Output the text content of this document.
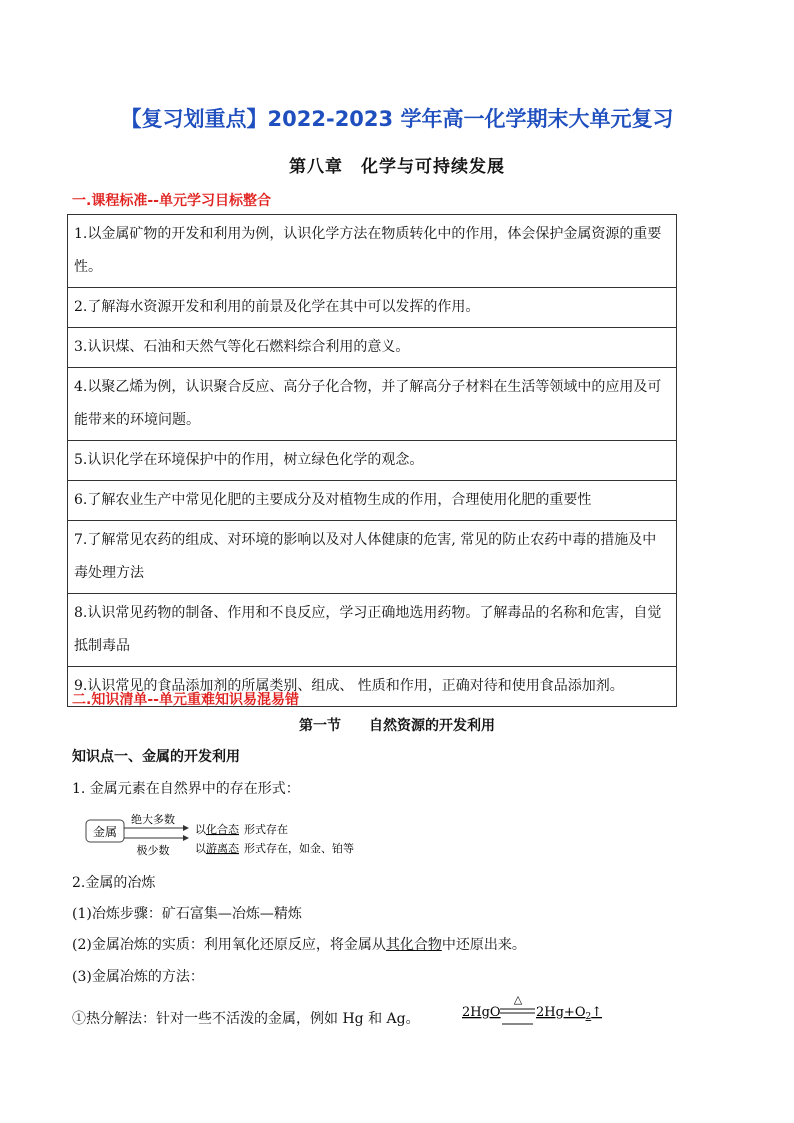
【复习划重点】2022-2023 学年高一化学期末大单元复习
第八章　化学与可持续发展
一.课程标准--单元学习目标整合
1.以金属矿物的开发和利用为例，认识化学方法在物质转化中的作用，体会保护金属资源的重要性。
2.了解海水资源开发和利用的前景及化学在其中可以发挥的作用。
3.认识煤、石油和天然气等化石燃料综合利用的意义。
4.以聚乙烯为例，认识聚合反应、高分子化合物，并了解高分子材料在生活等领域中的应用及可能带来的环境问题。
5.认识化学在环境保护中的作用，树立绿色化学的观念。
6.了解农业生产中常见化肥的主要成分及对植物生成的作用，合理使用化肥的重要性
7.了解常见农药的组成、对环境的影响以及对人体健康的危害, 常见的防止农药中毒的措施及中毒处理方法
8.认识常见药物的制备、作用和不良反应，学习正确地选用药物。了解毒品的名称和危害，自觉抵制毒品
9.认识常见的食品添加剂的所属类别、组成、 性质和作用，正确对待和使用食品添加剂。
二.知识清单--单元重难知识易混易错
第一节　　自然资源的开发利用
知识点一、金属的开发利用
1. 金属元素在自然界中的存在形式：
金属
绝大多数
极少数
以化合态 形式存在
以游离态 形式存在，如金、铂等
2.金属的冶炼
(1)冶炼步骤：矿石富集—冶炼—精炼
(2)金属冶炼的实质：利用氧化还原反应，将金属从其化合物中还原出来。
(3)金属冶炼的方法：
①热分解法：针对一些不活泼的金属，例如 Hg 和 Ag。	2HgO
△
$2Hg+O_2↑$
